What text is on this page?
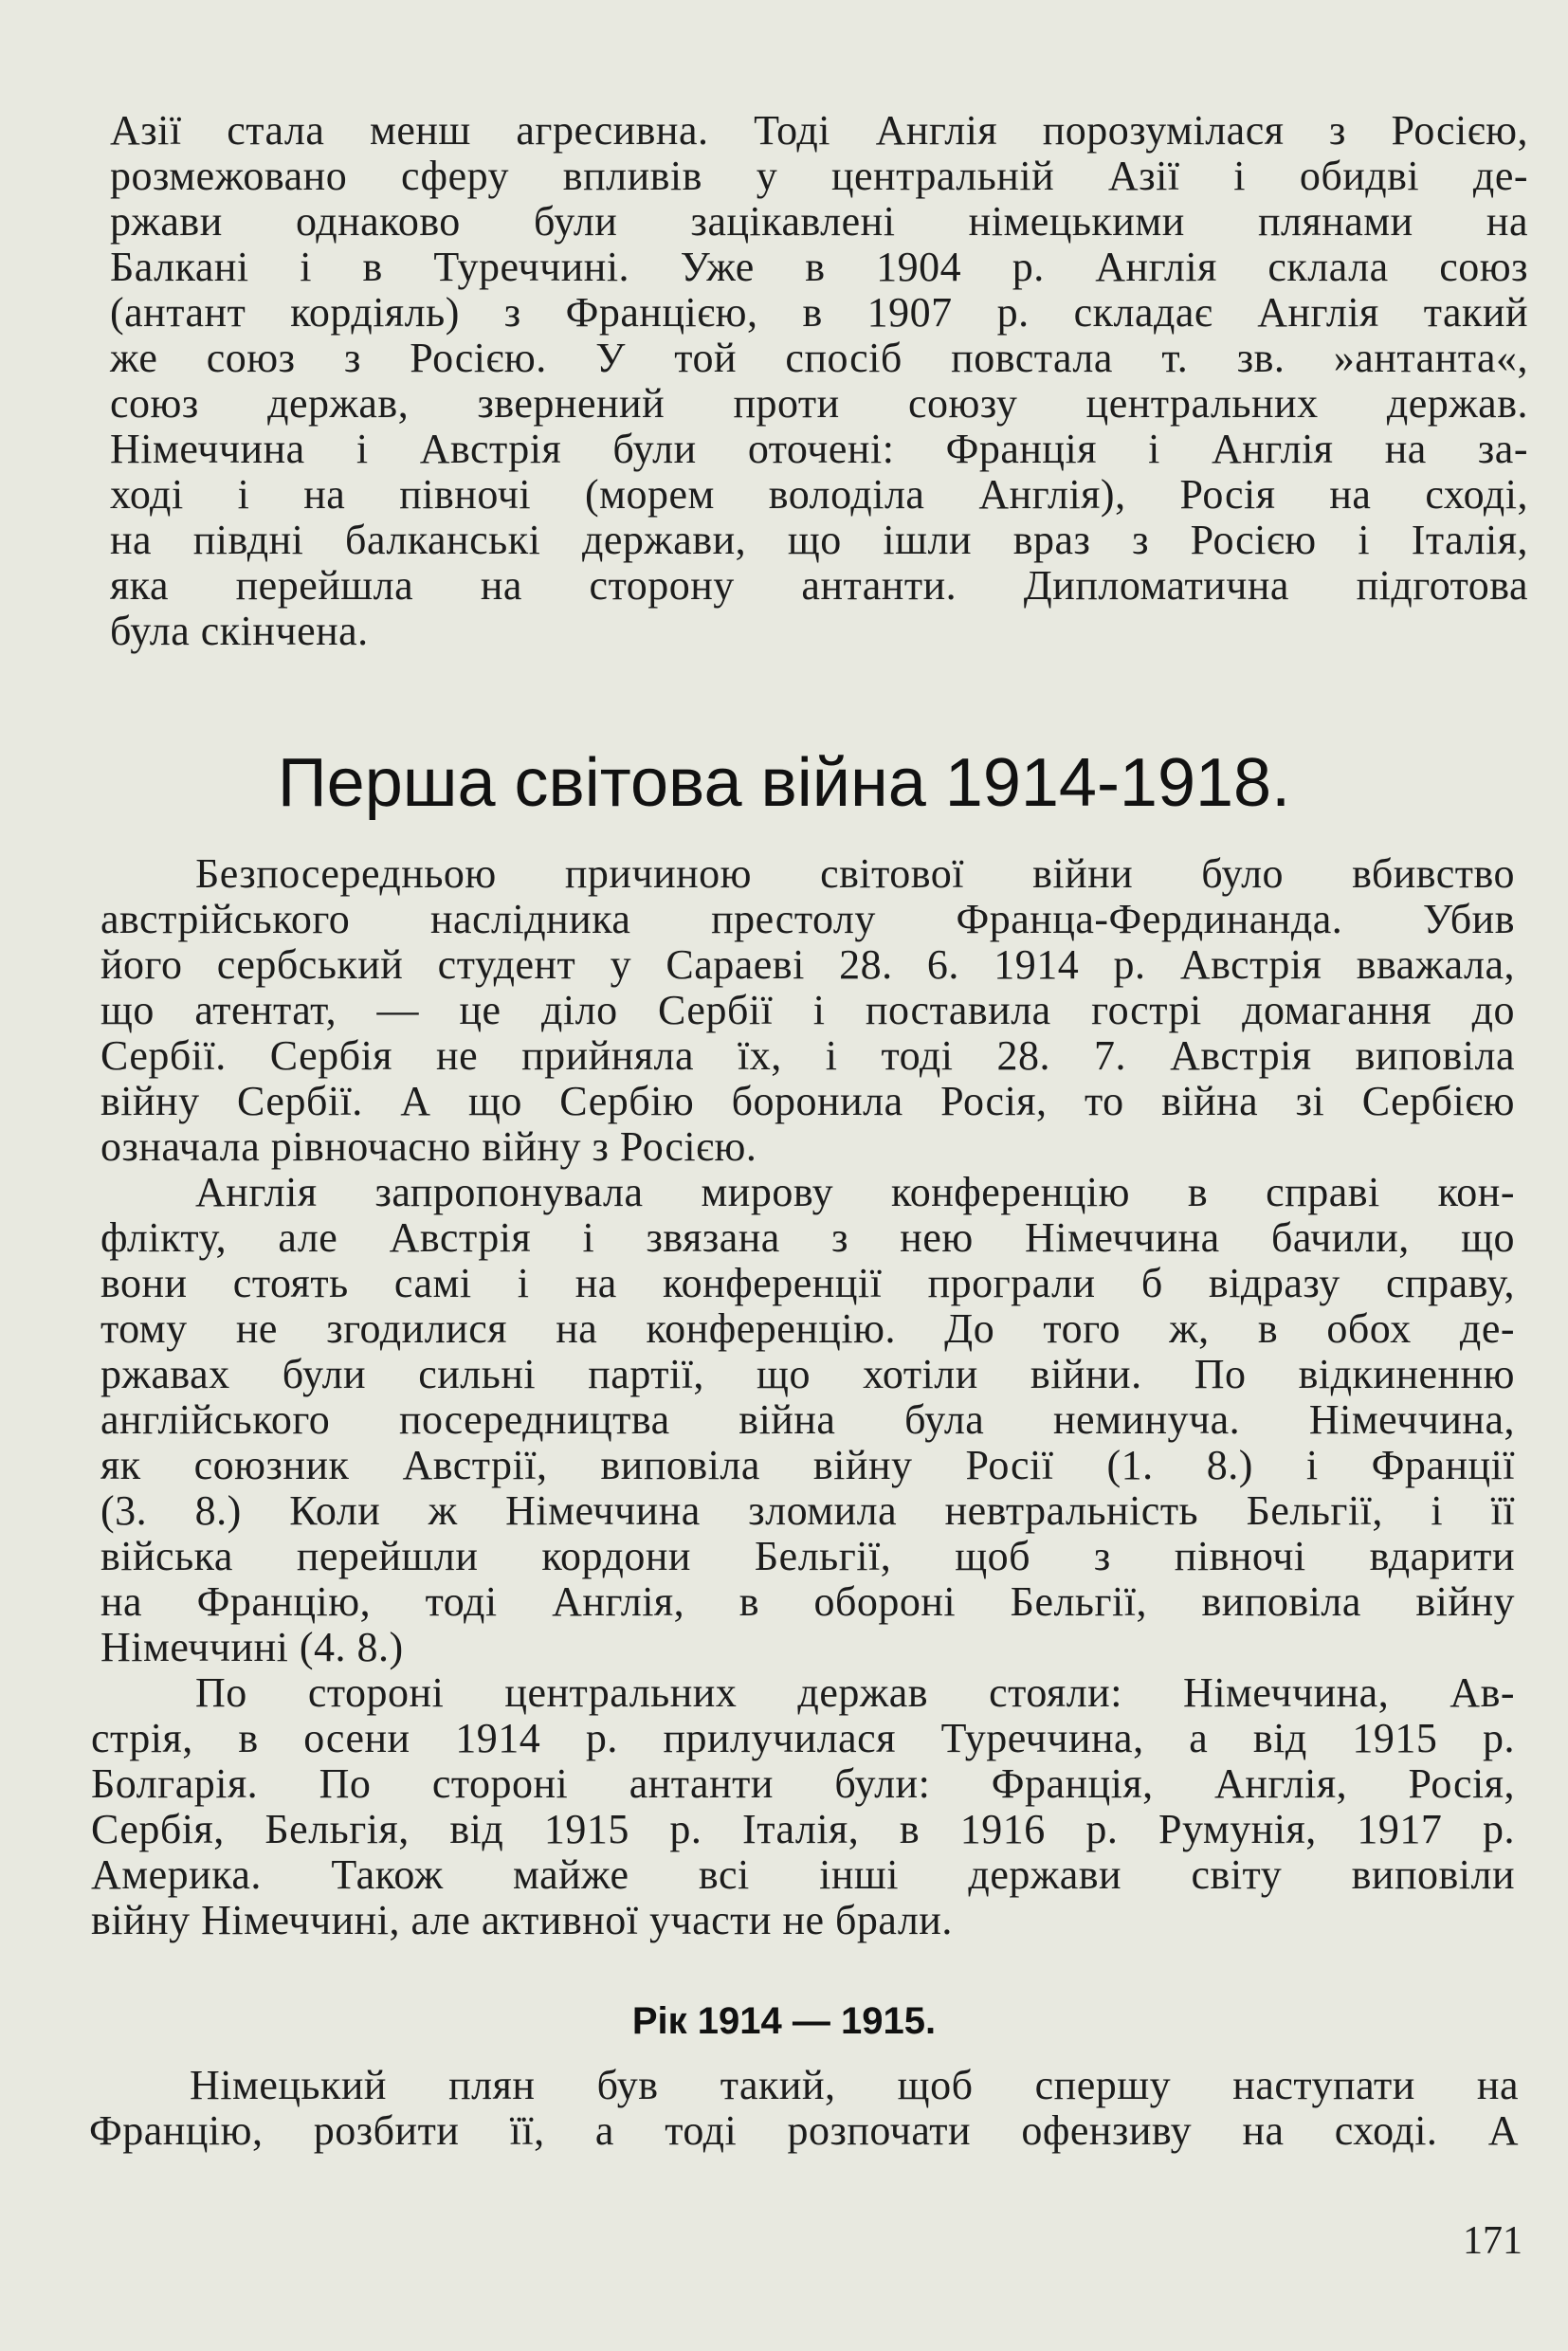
Азії стала менш агресивна. Тоді Англія порозумілася з Росією,
розмежовано сферу впливів у центральній Азії і обидві де-
ржави однаково були зацікавлені німецькими плянами на
Балкані і в Туреччині. Уже в 1904 р. Англія склала союз
(антант кордіяль) з Францією, в 1907 р. складає Англія такий
же союз з Росією. У той спосіб повстала т. зв. »антанта«,
союз держав, звернений проти союзу центральних держав.
Німеччина і Австрія були оточені: Франція і Англія на за-
ході і на півночі (морем володіла Англія), Росія на сході,
на півдні балканські держави, що ішли враз з Росією і Італія,
яка перейшла на сторону антанти. Дипломатична підготова
була скінчена.
Перша світова війна 1914-1918.
Безпосередньою причиною світової війни було вбивство
австрійського наслідника престолу Франца-Фердинанда. Убив
його сербський студент у Сараеві 28. 6. 1914 р. Австрія вважала,
що атентат, — це діло Сербії і поставила гострі домагання до
Сербії. Сербія не прийняла їх, і тоді 28. 7. Австрія виповіла
війну Сербії. А що Сербію боронила Росія, то війна зі Сербією
означала рівночасно війну з Росією.
Англія запропонувала мирову конференцію в справі кон-
флікту, але Австрія і звязана з нею Німеччина бачили, що
вони стоять самі і на конференції програли б відразу справу,
тому не згодилися на конференцію. До того ж, в обох де-
ржавах були сильні партії, що хотіли війни. По відкиненню
англійського посередництва війна була неминуча. Німеччина,
як союзник Австрії, виповіла війну Росії (1. 8.) і Франції
(3. 8.) Коли ж Німеччина зломила невтральність Бельгії, і її
війська перейшли кордони Бельгії, щоб з півночі вдарити
на Францію, тоді Англія, в обороні Бельгії, виповіла війну
Німеччині (4. 8.)
По стороні центральних держав стояли: Німеччина, Ав-
стрія, в осени 1914 р. прилучилася Туреччина, а від 1915 р.
Болгарія. По стороні антанти були: Франція, Англія, Росія,
Сербія, Бельгія, від 1915 р. Італія, в 1916 р. Румунія, 1917 р.
Америка. Також майже всі інші держави світу виповіли
війну Німеччині, але активної участи не брали.
Рік 1914 — 1915.
Німецький плян був такий, щоб спершу наступати на
Францію, розбити її, а тоді розпочати офензиву на сході. А
171
